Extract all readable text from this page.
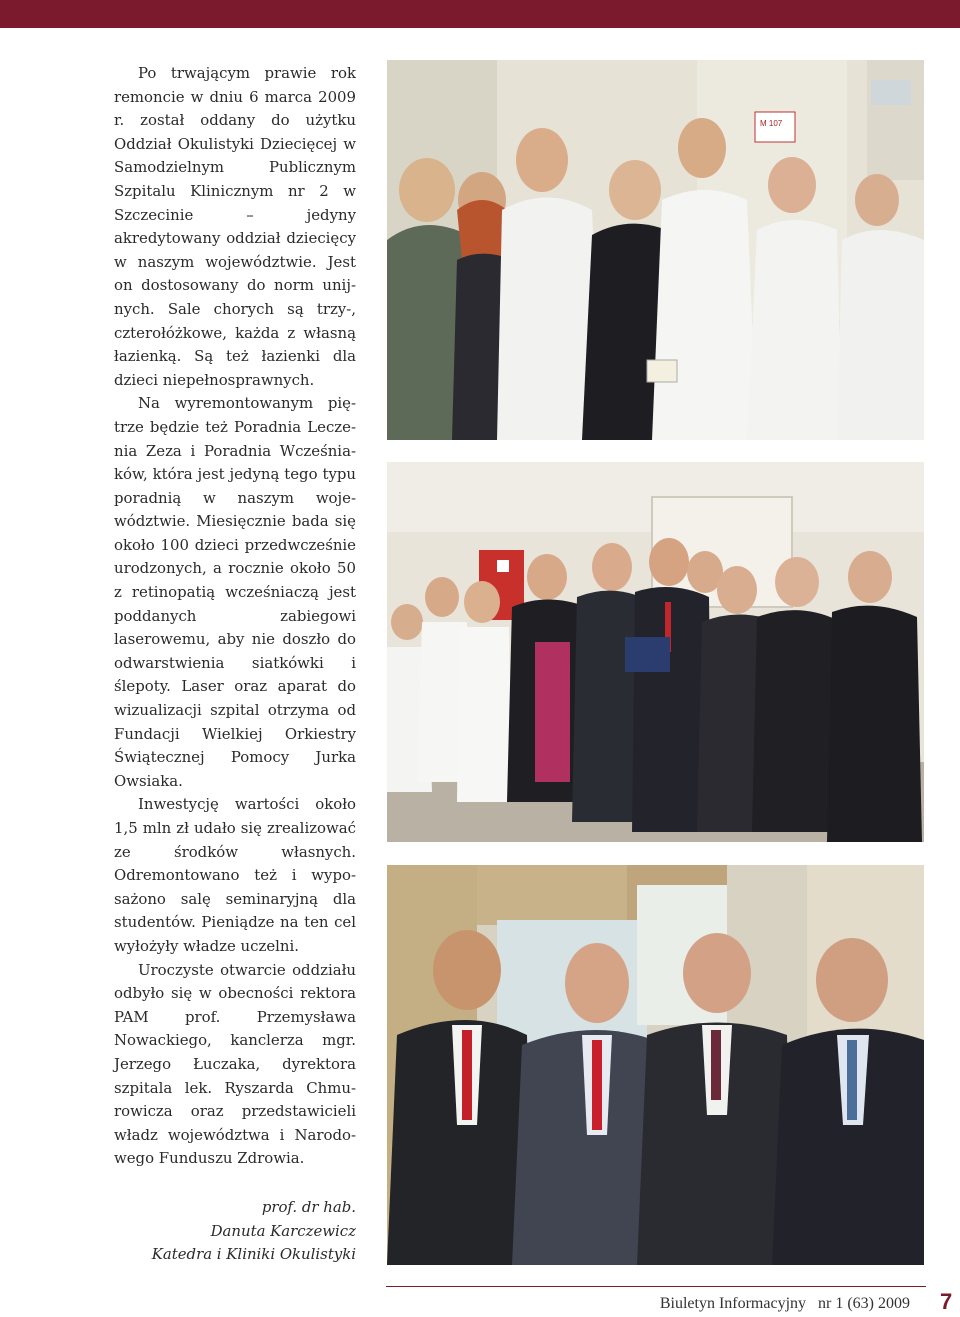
Po trwającym prawie rok remoncie w dniu 6 marca 2009 r. został oddany do użytku Oddział Okulistyki Dziecięcej w Samodzielnym Publicznym Szpitalu Klinicznym nr 2 w Szczecinie – jedyny akredytowany oddział dziecięcy w naszym województwie. Jest on dostosowany do norm unijnych. Sale chorych są trzy-, czterołóżkowe, każda z własną łazienką. Są też łazienki dla dzieci niepełnosprawnych.

Na wyremontowanym piętrze będzie też Poradnia Leczenia Zeza i Poradnia Wcześniaków, która jest jedyną tego typu poradnią w naszym województwie. Miesięcznie bada się około 100 dzieci przedwcześnie urodzonych, a rocznie około 50 z retinopatią wcześniaczą jest poddanych zabiegowi laserowemu, aby nie doszło do odwarstwienia siatkówki i ślepoty. Laser oraz aparat do wizualizacji szpital otrzyma od Fundacji Wielkiej Orkiestry Świątecznej Pomocy Jurka Owsiaka.

Inwestycję wartości około 1,5 mln zł udało się zrealizować ze środków własnych. Odremontowano też i wyposażono salę seminaryjną dla studentów. Pieniądze na ten cel wyłożyły władze uczelni.

Uroczyste otwarcie oddziału odbyło się w obecności rektora PAM prof. Przemysława Nowackiego, kanclerza mgr. Jerzego Łuczaka, dyrektora szpitala lek. Ryszarda Chmurowicza oraz przedstawicieli władz województwa i Narodowego Funduszu Zdrowia.

prof. dr hab.
Danuta Karczewicz
Katedra i Kliniki Okulistyki
M 107
Biuletyn Informacyjny nr 1 (63) 2009 7
